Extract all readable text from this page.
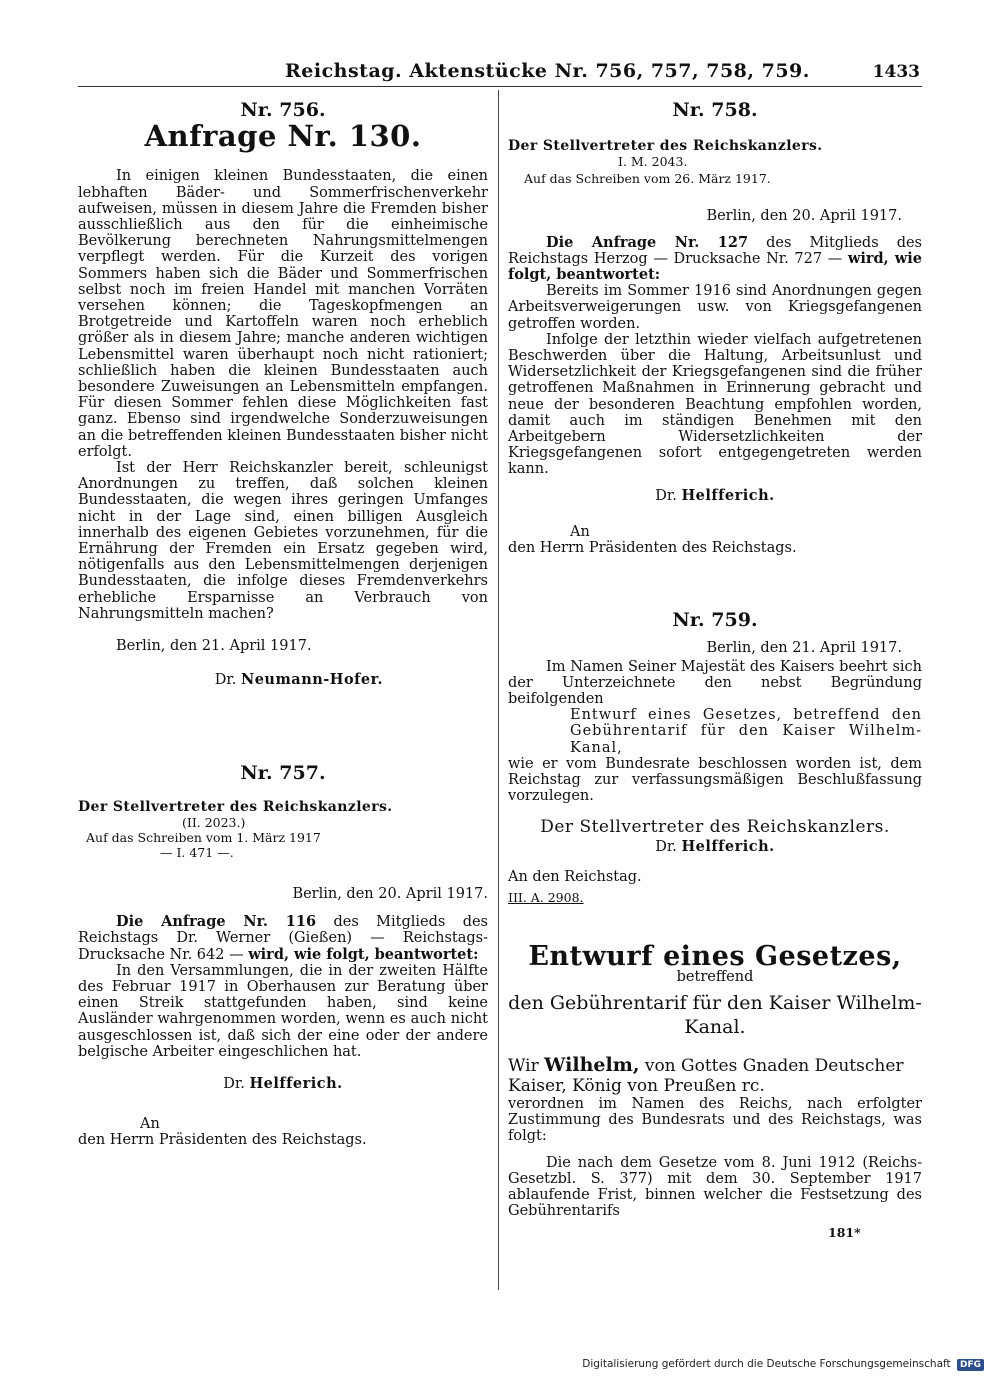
Reichstag. Aktenstücke Nr. 756, 757, 758, 759.	1433

Nr. 756.

Anfrage Nr. 130.

In einigen kleinen Bundesstaaten, die einen lebhaften Bäder- und Sommerfrischenverkehr aufweisen, müssen in diesem Jahre die Fremden bisher ausschließlich aus den für die einheimische Bevölkerung berechneten Nahrungsmittelmengen verpflegt werden. Für die Kurzeit des vorigen Sommers haben sich die Bäder und Sommerfrischen selbst noch im freien Handel mit manchen Vorräten versehen können; die Tageskopfmengen an Brotgetreide und Kartoffeln waren noch erheblich größer als in diesem Jahre; manche anderen wichtigen Lebensmittel waren überhaupt noch nicht rationiert; schließlich haben die kleinen Bundesstaaten auch besondere Zuweisungen an Lebensmitteln empfangen. Für diesen Sommer fehlen diese Möglichkeiten fast ganz. Ebenso sind irgendwelche Sonderzuweisungen an die betreffenden kleinen Bundesstaaten bisher nicht erfolgt.

Ist der Herr Reichskanzler bereit, schleunigst Anordnungen zu treffen, daß solchen kleinen Bundesstaaten, die wegen ihres geringen Umfanges nicht in der Lage sind, einen billigen Ausgleich innerhalb des eigenen Gebietes vorzunehmen, für die Ernährung der Fremden ein Ersatz gegeben wird, nötigenfalls aus den Lebensmittelmengen derjenigen Bundesstaaten, die infolge dieses Fremdenverkehrs erhebliche Ersparnisse an Verbrauch von Nahrungsmitteln machen?

Berlin, den 21. April 1917.

Dr. Neumann-Hofer.

Nr. 757.

Der Stellvertreter des Reichskanzlers.

(II. 2023.)

Auf das Schreiben vom 1. März 1917

— I. 471 —.

Berlin, den 20. April 1917.

Die Anfrage Nr. 116 des Mitglieds des Reichstags Dr. Werner (Gießen) — Reichstags-Drucksache Nr. 642 — wird, wie folgt, beantwortet:

In den Versammlungen, die in der zweiten Hälfte des Februar 1917 in Oberhausen zur Beratung über einen Streik stattgefunden haben, sind keine Ausländer wahrgenommen worden, wenn es auch nicht ausgeschlossen ist, daß sich der eine oder der andere belgische Arbeiter eingeschlichen hat.

Dr. Helfferich.

An

den Herrn Präsidenten des Reichstags.

Nr. 758.

Der Stellvertreter des Reichskanzlers.

I. M. 2043.

Auf das Schreiben vom 26. März 1917.

Berlin, den 20. April 1917.

Die Anfrage Nr. 127 des Mitglieds des Reichstags Herzog — Drucksache Nr. 727 — wird, wie folgt, beantwortet:

Bereits im Sommer 1916 sind Anordnungen gegen Arbeitsverweigerungen usw. von Kriegsgefangenen getroffen worden.

Infolge der letzthin wieder vielfach aufgetretenen Beschwerden über die Haltung, Arbeitsunlust und Widersetzlichkeit der Kriegsgefangenen sind die früher getroffenen Maßnahmen in Erinnerung gebracht und neue der besonderen Beachtung empfohlen worden, damit auch im ständigen Benehmen mit den Arbeitgebern Widersetzlichkeiten der Kriegsgefangenen sofort entgegengetreten werden kann.

Dr. Helfferich.

An

den Herrn Präsidenten des Reichstags.

Nr. 759.

Berlin, den 21. April 1917.

Im Namen Seiner Majestät des Kaisers beehrt sich der Unterzeichnete den nebst Begründung beifolgenden

Entwurf eines Gesetzes, betreffend den Gebührentarif für den Kaiser Wilhelm-Kanal,

wie er vom Bundesrate beschlossen worden ist, dem Reichstag zur verfassungsmäßigen Beschlußfassung vorzulegen.

Der Stellvertreter des Reichskanzlers.

Dr. Helfferich.

An den Reichstag.

III. A. 2908.

Entwurf eines Gesetzes,

betreffend

den Gebührentarif für den Kaiser Wilhelm-Kanal.

Wir Wilhelm, von Gottes Gnaden Deutscher Kaiser, König von Preußen rc.

verordnen im Namen des Reichs, nach erfolgter Zustimmung des Bundesrats und des Reichstags, was folgt:

Die nach dem Gesetze vom 8. Juni 1912 (Reichs-Gesetzbl. S. 377) mit dem 30. September 1917 ablaufende Frist, binnen welcher die Festsetzung des Gebührentarifs

181*

Digitalisierung gefördert durch die Deutsche Forschungsgemeinschaft DFG
